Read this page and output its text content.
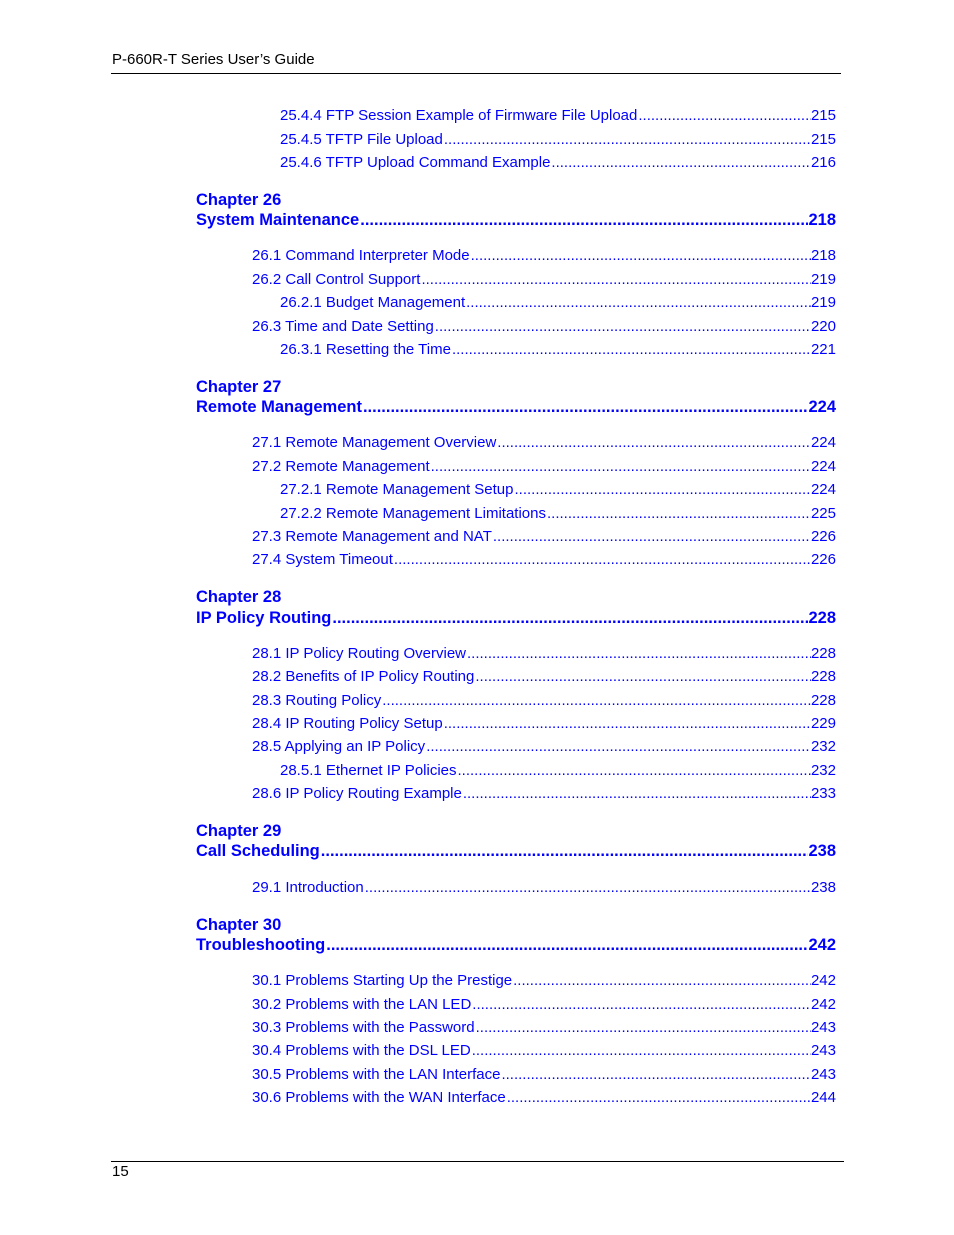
P-660R-T Series User’s Guide
25.4.4 FTP Session Example of Firmware File Upload .....	215
25.4.5 TFTP File Upload .....	215
25.4.6 TFTP Upload Command Example .....	216
Chapter 26
System Maintenance .....	218
26.1 Command Interpreter Mode .....	218
26.2 Call Control Support .....	219
26.2.1 Budget Management .....	219
26.3 Time and Date Setting .....	220
26.3.1 Resetting the Time .....	221
Chapter 27
Remote Management .....	224
27.1 Remote Management Overview .....	224
27.2 Remote Management .....	224
27.2.1 Remote Management Setup .....	224
27.2.2 Remote Management Limitations .....	225
27.3 Remote Management and NAT .....	226
27.4 System Timeout .....	226
Chapter 28
IP Policy Routing .....	228
28.1 IP Policy Routing Overview .....	228
28.2 Benefits of IP Policy Routing .....	228
28.3 Routing Policy .....	228
28.4 IP Routing Policy Setup .....	229
28.5 Applying an IP Policy .....	232
28.5.1 Ethernet IP Policies .....	232
28.6 IP Policy Routing Example .....	233
Chapter 29
Call Scheduling .....	238
29.1 Introduction .....	238
Chapter 30
Troubleshooting .....	242
30.1 Problems Starting Up the Prestige .....	242
30.2 Problems with the LAN LED .....	242
30.3 Problems with the Password .....	243
30.4 Problems with the DSL LED .....	243
30.5 Problems with the LAN Interface .....	243
30.6 Problems with the WAN Interface .....	244
15
